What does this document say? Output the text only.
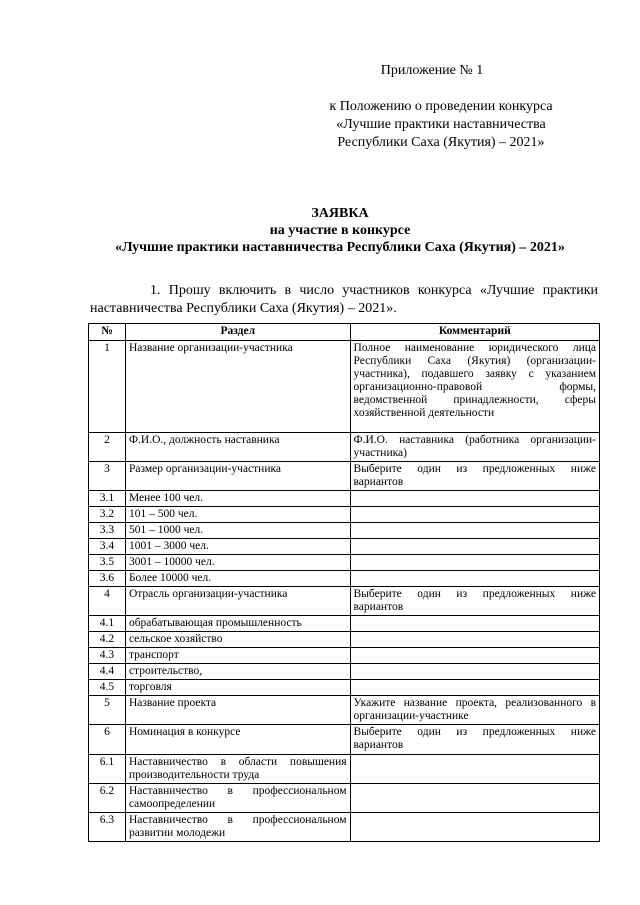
Приложение № 1
к Положению о проведении конкурса
«Лучшие практики наставничества
Республики Саха (Якутия) – 2021»
ЗАЯВКА
на участие в конкурсе
«Лучшие практики наставничества Республики Саха (Якутия) – 2021»

1. Прошу включить в число участников конкурса «Лучшие практики

наставничества Республики Саха (Якутия) – 2021».

№	Раздел	Комментарий
1	Название организации-участника	Полное наименование юридического лица Республики Саха (Якутия) (организации-участника), подавшего заявку с указанием организационно-правовой формы, ведомственной принадлежности, сферы хозяйственной деятельности
2	Ф.И.О., должность наставника	Ф.И.О. наставника (работника организации-участника)
3	Размер организации-участника	Выберите один из предложенных ниже вариантов
3.1	Менее 100 чел.	
3.2	101 – 500 чел.	
3.3	501 – 1000 чел.	
3.4	1001 – 3000 чел.	
3.5	3001 – 10000 чел.	
3.6	Более 10000 чел.	
4	Отрасль организации-участника	Выберите один из предложенных ниже вариантов
4.1	обрабатывающая промышленность	
4.2	сельское хозяйство	
4.3	транспорт	
4.4	строительство,	
4.5	торговля	
5	Название проекта	Укажите название проекта, реализованного в организации-участнике
6	Номинация в конкурсе	Выберите один из предложенных ниже вариантов
6.1	Наставничество в области повышения производительности труда	
6.2	Наставничество в профессиональном самоопределении	
6.3	Наставничество в профессиональном развитии молодежи	
